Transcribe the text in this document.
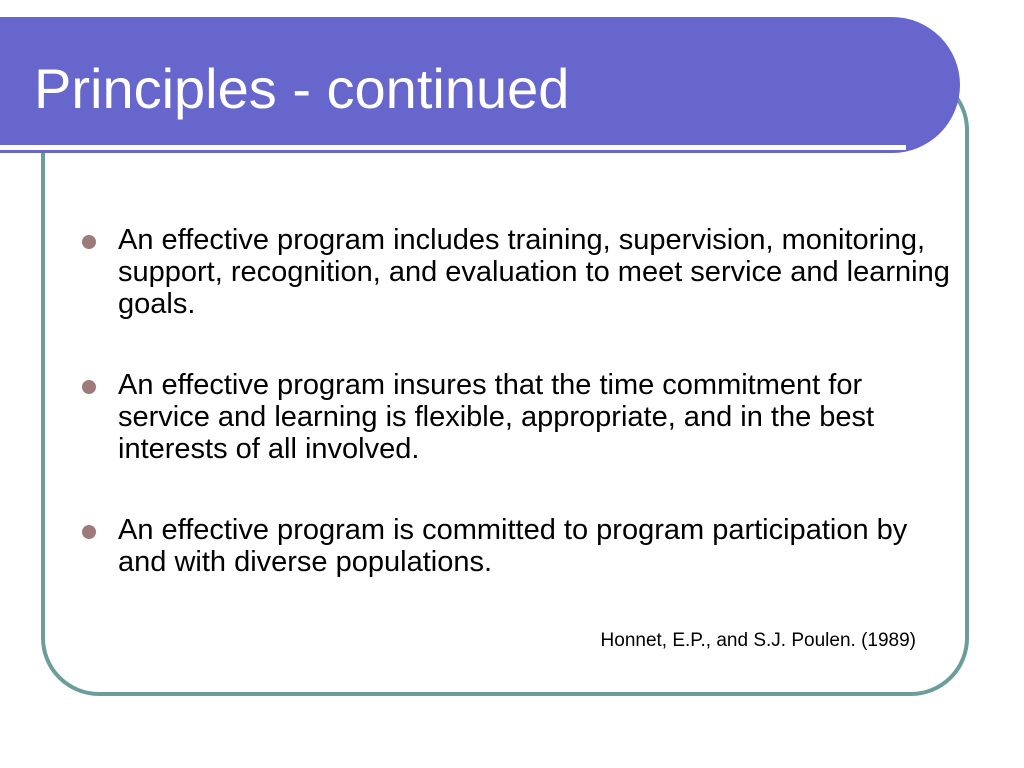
Principles - continued
An effective program includes training, supervision, monitoring, support, recognition, and evaluation to meet service and learning goals.
An effective program insures that the time commitment for service and learning is flexible, appropriate, and in the best interests of all involved.
An effective program is committed to program participation by and with diverse populations.
Honnet, E.P., and S.J. Poulen. (1989)
